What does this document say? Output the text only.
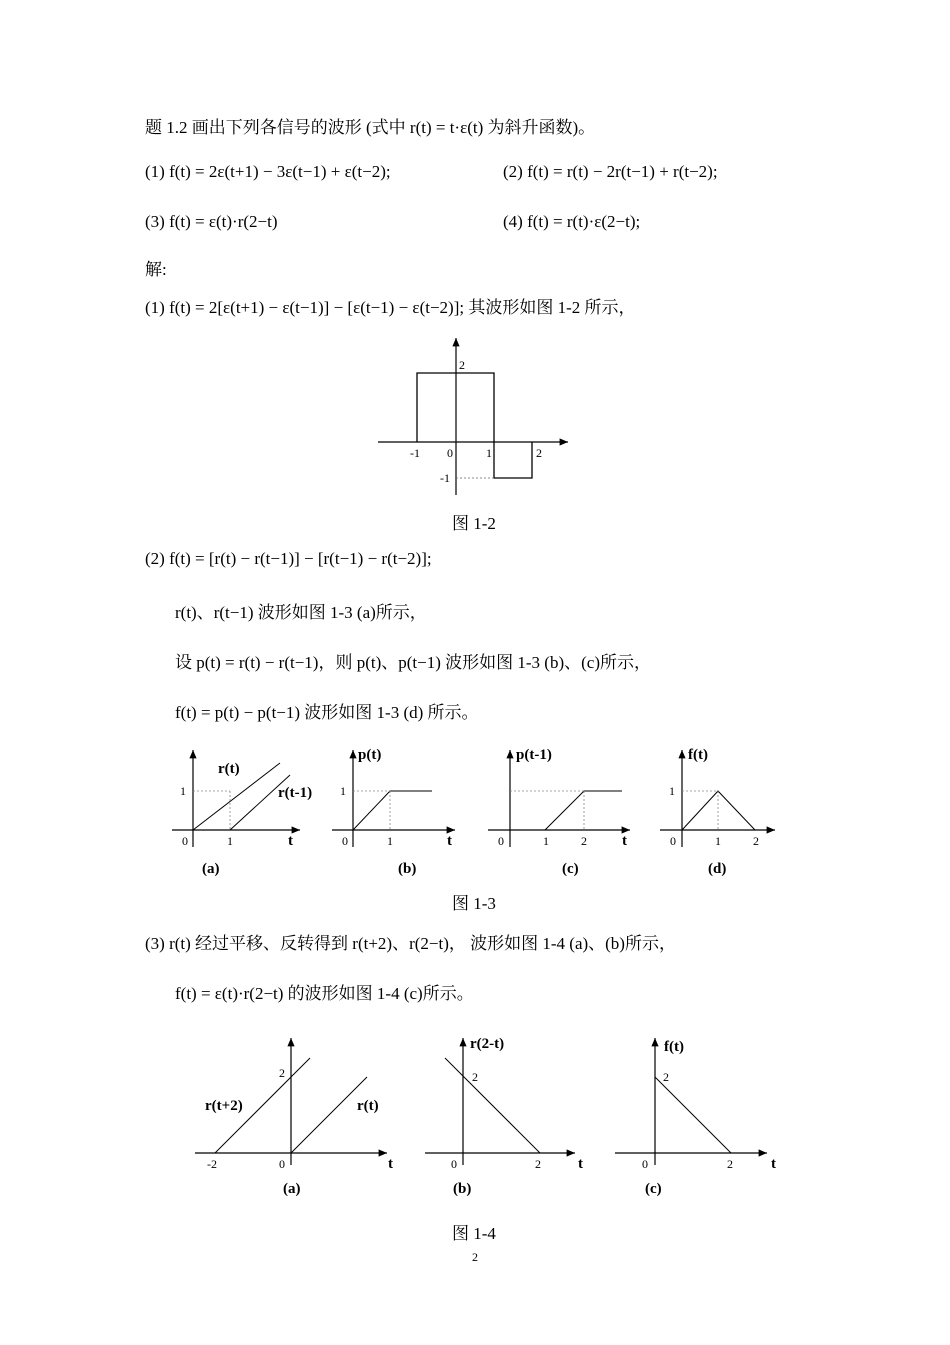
题 1.2 画出下列各信号的波形 (式中 r(t) = t·ε(t) 为斜升函数)。
(1) f(t) = 2ε(t+1) − 3ε(t−1) + ε(t−2);	(2) f(t) = r(t) − 2r(t−1) + r(t−2);
(3) f(t) = ε(t)·r(2−t)	(4) f(t) = r(t)·ε(2−t);
解:
(1) f(t) = 2[ε(t+1) − ε(t−1)] − [ε(t−1) − ε(t−2)]; 其波形如图 1-2 所示，
-1 0	1	2
2
-1
图 1-2
(2) f(t) = [r(t) − r(t−1)] − [r(t−1) − r(t−2)];
r(t)、r(t−1) 波形如图 1-3 (a)所示，
设 p(t) = r(t) − r(t−1)，则 p(t)、p(t−1) 波形如图 1-3 (b)、(c)所示，
f(t) = p(t) − p(t−1) 波形如图 1-3 (d) 所示。
r(t)
r(t-1)
1
0	1	t
(a)
p(t)
1
0	1	t
(b)
p(t-1)
0	1	2 t
(c)
f(t)
1
0	1	2
(d)
图 1-3
(3) r(t) 经过平移、反转得到 r(t+2)、r(2−t)， 波形如图 1-4 (a)、(b)所示，
f(t) = ε(t)·r(2−t) 的波形如图 1-4 (c)所示。
r(t+2)	r(t)
2
-2	0	t
(a)
r(2-t)
2
0	2 t
(b)
f(t)
2
0	2	t
(c)
图 1-4
2
